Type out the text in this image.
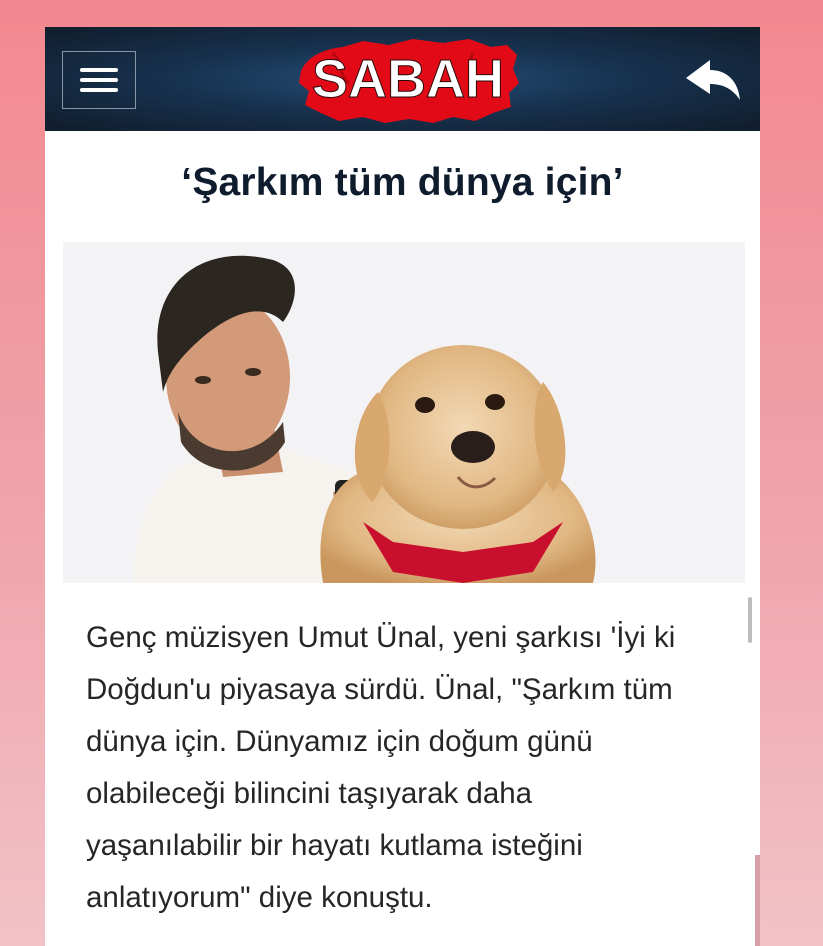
SABAH
‘Şarkım tüm dünya için’
Genç müzisyen Umut Ünal, yeni şarkısı 'İyi ki
Doğdun'u piyasaya sürdü. Ünal, "Şarkım tüm
dünya için. Dünyamız için doğum günü
olabileceği bilincini taşıyarak daha
yaşanılabilir bir hayatı kutlama isteğini
anlatıyorum" diye konuştu.
